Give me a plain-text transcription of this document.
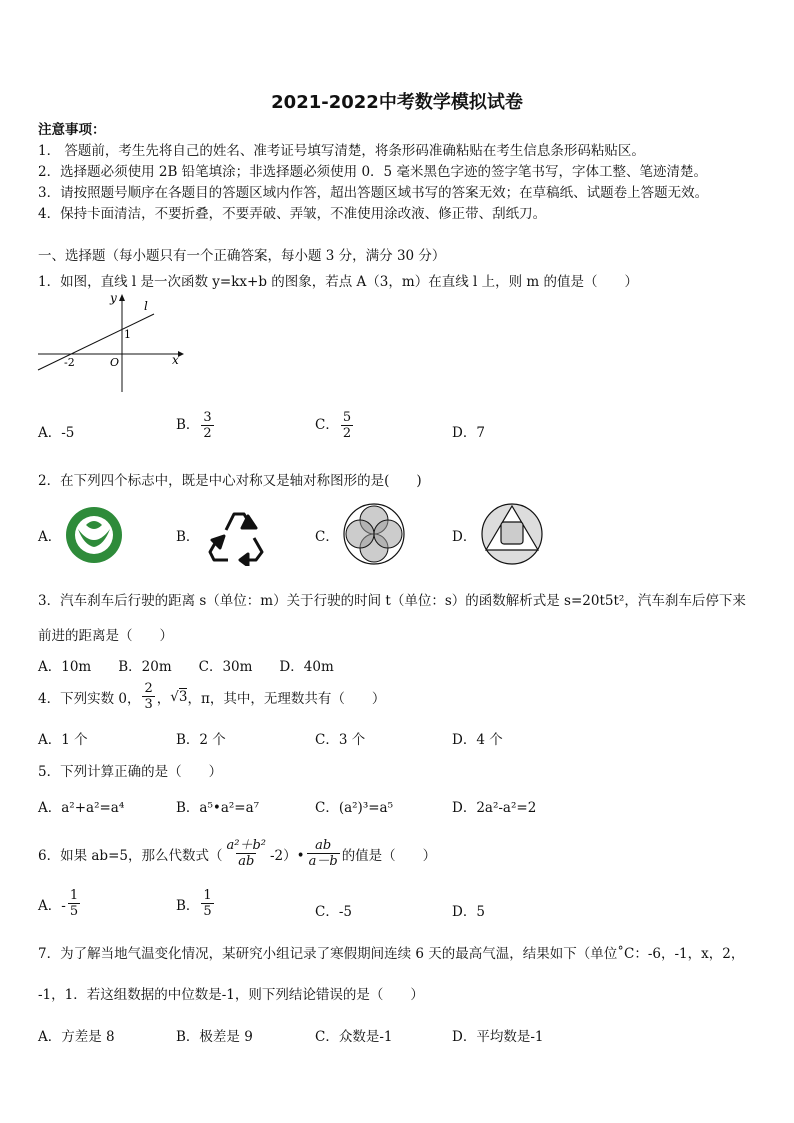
2021-2022中考数学模拟试卷
注意事项：
1． 答题前，考生先将自己的姓名、准考证号填写清楚，将条形码准确粘贴在考生信息条形码粘贴区。
2．选择题必须使用 2B 铅笔填涂；非选择题必须使用 0．5 毫米黑色字迹的签字笔书写，字体工整、笔迹清楚。
3．请按照题号顺序在各题目的答题区域内作答，超出答题区域书写的答案无效；在草稿纸、试题卷上答题无效。
4．保持卡面清洁，不要折叠，不要弄破、弄皱，不准使用涂改液、修正带、刮纸刀。
一、选择题（每小题只有一个正确答案，每小题 3 分，满分 30 分）
1．如图，直线 l 是一次函数 y=kx+b 的图象，若点 A（3，m）在直线 l 上，则 m 的值是（　　）
y
l
1
-2	O	x
A．-5	B． $\frac{3}{2}$	C． $\frac{5}{2}$	D．7
2．在下列四个标志中，既是中心对称又是轴对称图形的是(　　)
A．	B．	C．	D．
3．汽车刹车后行驶的距离 s（单位：m）关于行驶的时间 t（单位：s）的函数解析式是 s=20t5t²，汽车刹车后停下来
前进的距离是（　　）
A．10m　　B．20m　　C．30m　　D．40m
4．下列实数 0， $\frac{2}{3}$ ， √3 ，π，其中，无理数共有（　　）
A．1 个	B．2 个	C．3 个	D．4 个
5．下列计算正确的是（　　）
A．a²+a²=a⁴	B．a⁵•a²=a⁷	C．(a²)³=a⁵	D．2a²-a²=2
6．如果 ab=5，那么代数式（ $\frac{\text{a²＋b²}}{ab}$ -2）• $\frac{ab}{a-b}$ 的值是（　　）
A．- $\frac{1}{5}$	B． $\frac{1}{5}$	C．-5	D．5
7．为了解当地气温变化情况，某研究小组记录了寒假期间连续 6 天的最高气温，结果如下（单位˚C：-6，-1，x，2，
-1，1．若这组数据的中位数是-1，则下列结论错误的是（　　）
A．方差是 8	B．极差是 9	C．众数是-1	D．平均数是-1
